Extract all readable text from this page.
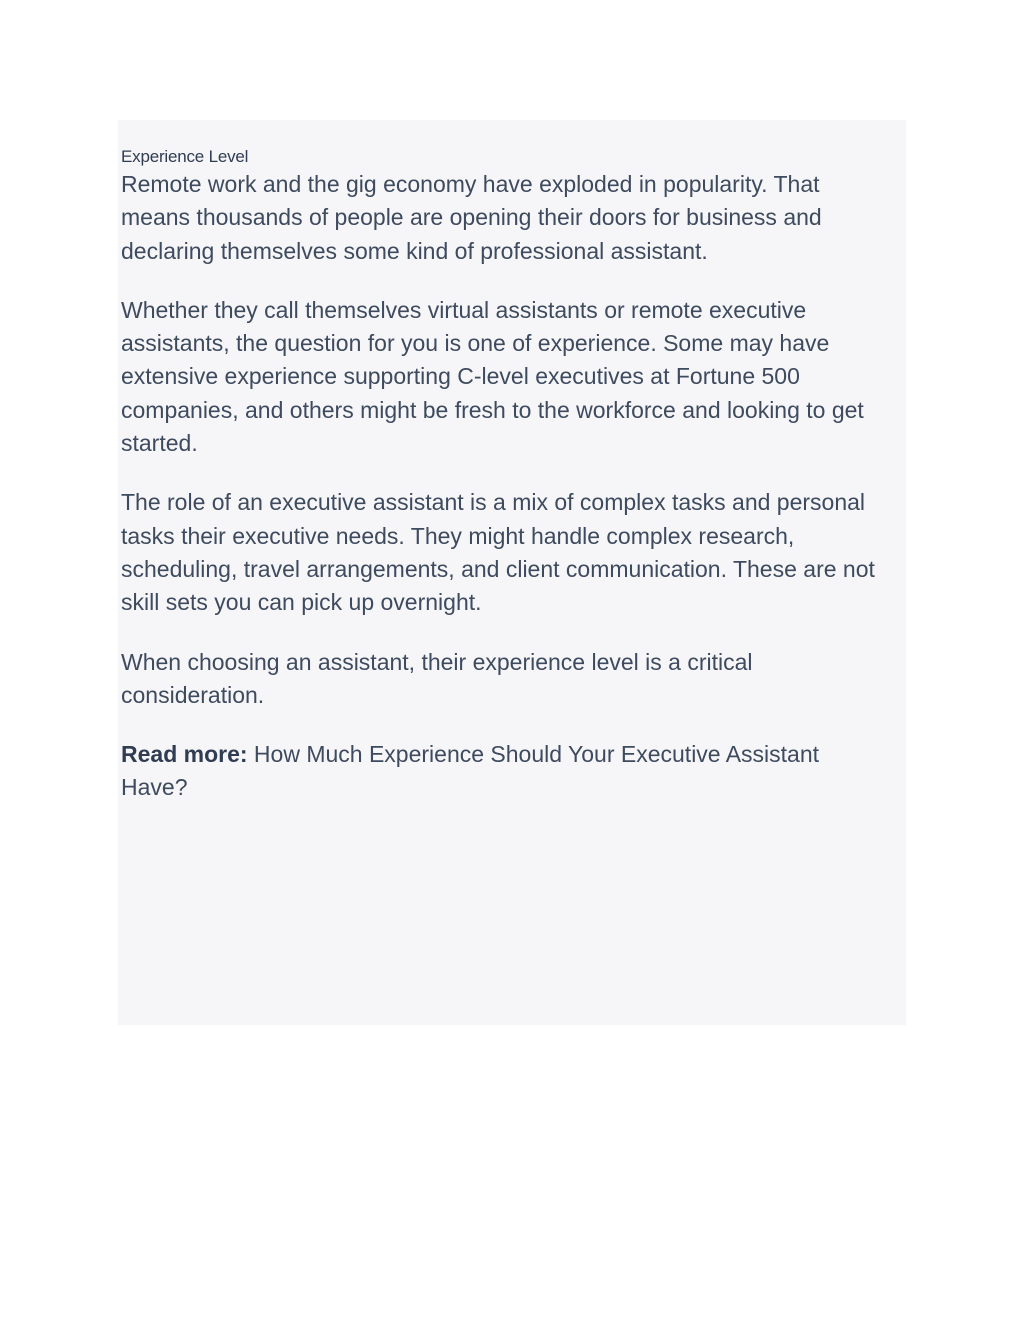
Experience Level

Remote work and the gig economy have exploded in popularity. That means thousands of people are opening their doors for business and declaring themselves some kind of professional assistant.

Whether they call themselves virtual assistants or remote executive assistants, the question for you is one of experience. Some may have extensive experience supporting C-level executives at Fortune 500 companies, and others might be fresh to the workforce and looking to get started.

The role of an executive assistant is a mix of complex tasks and personal tasks their executive needs. They might handle complex research, scheduling, travel arrangements, and client communication. These are not skill sets you can pick up overnight.

When choosing an assistant, their experience level is a critical consideration.

Read more: How Much Experience Should Your Executive Assistant Have?
